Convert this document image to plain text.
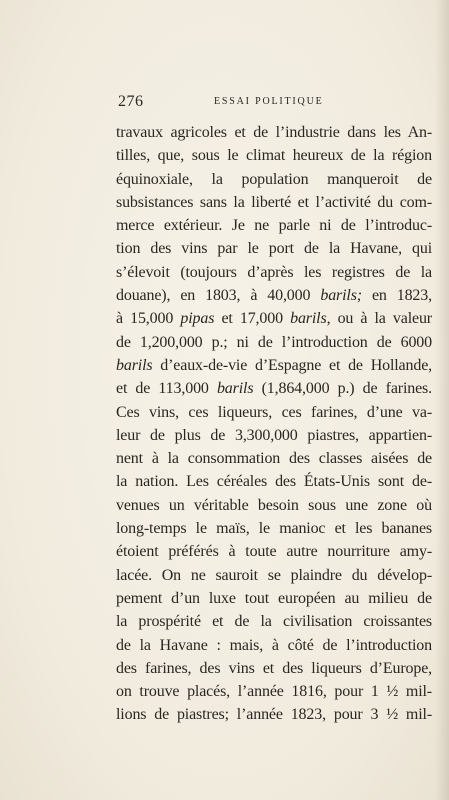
276	ESSAI POLITIQUE
travaux agricoles et de l’industrie dans les An-
tilles, que, sous le climat heureux de la région
équinoxiale, la population manqueroit de
subsistances sans la liberté et l’activité du com-
merce extérieur. Je ne parle ni de l’introduc-
tion des vins par le port de la Havane, qui
s’élevoit (toujours d’après les registres de la
douane), en 1803, à 40,000 barils; en 1823,
à 15,000 pipas et 17,000 barils, ou à la valeur
de 1,200,000 p.; ni de l’introduction de 6000
barils d’eaux-de-vie d’Espagne et de Hollande,
et de 113,000 barils (1,864,000 p.) de farines.
Ces vins, ces liqueurs, ces farines, d’une va-
leur de plus de 3,300,000 piastres, appartien-
nent à la consommation des classes aisées de
la nation. Les céréales des États-Unis sont de-
venues un véritable besoin sous une zone où
long-temps le maïs, le manioc et les bananes
étoient préférés à toute autre nourriture amy-
lacée. On ne sauroit se plaindre du dévelop-
pement d’un luxe tout européen au milieu de
la prospérité et de la civilisation croissantes
de la Havane : mais, à côté de l’introduction
des farines, des vins et des liqueurs d’Europe,
on trouve placés, l’année 1816, pour 1 ½ mil-
lions de piastres; l’année 1823, pour 3 ½ mil-
